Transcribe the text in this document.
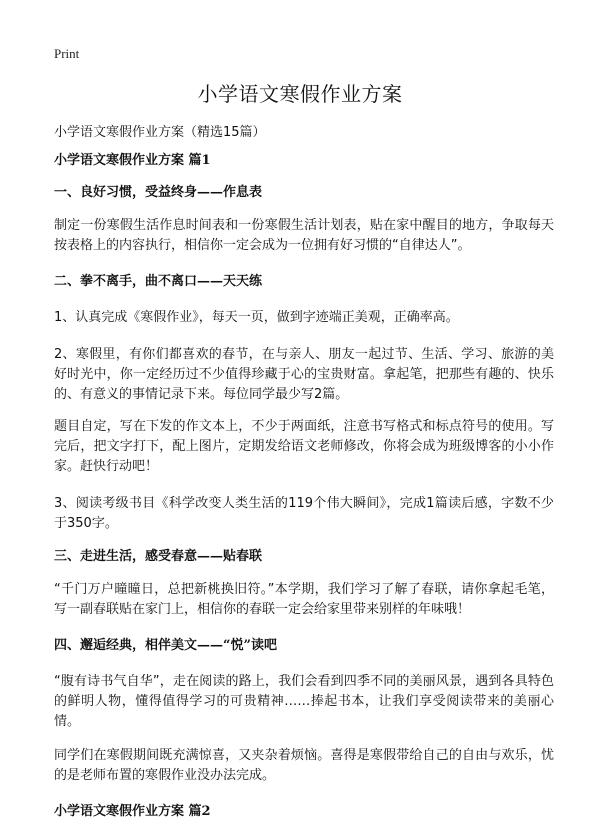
Print
小学语文寒假作业方案
小学语文寒假作业方案（精选15篇）
小学语文寒假作业方案 篇1
一、良好习惯，受益终身——作息表
制定一份寒假生活作息时间表和一份寒假生活计划表，贴在家中醒目的地方，争取每天按表格上的内容执行，相信你一定会成为一位拥有好习惯的“自律达人”。
二、拳不离手，曲不离口——天天练
1、认真完成《寒假作业》，每天一页，做到字迹端正美观，正确率高。
2、寒假里，有你们都喜欢的春节，在与亲人、朋友一起过节、生活、学习、旅游的美好时光中，你一定经历过不少值得珍藏于心的宝贵财富。拿起笔，把那些有趣的、快乐的、有意义的事情记录下来。每位同学最少写2篇。
题目自定，写在下发的作文本上，不少于两面纸，注意书写格式和标点符号的使用。写完后，把文字打下，配上图片，定期发给语文老师修改，你将会成为班级博客的小小作家。赶快行动吧！
3、阅读考级书目《科学改变人类生活的119个伟大瞬间》，完成1篇读后感，字数不少于350字。
三、走进生活，感受春意——贴春联
“千门万户曈曈日，总把新桃换旧符。”本学期，我们学习了解了春联，请你拿起毛笔，写一副春联贴在家门上，相信你的春联一定会给家里带来别样的年味哦！
四、邂逅经典，相伴美文——“悦”读吧
“腹有诗书气自华”，走在阅读的路上，我们会看到四季不同的美丽风景，遇到各具特色的鲜明人物，懂得值得学习的可贵精神……捧起书本，让我们享受阅读带来的美丽心情。
同学们在寒假期间既充满惊喜，又夹杂着烦恼。喜得是寒假带给自己的自由与欢乐，忧的是老师布置的寒假作业没办法完成。
小学语文寒假作业方案 篇2
